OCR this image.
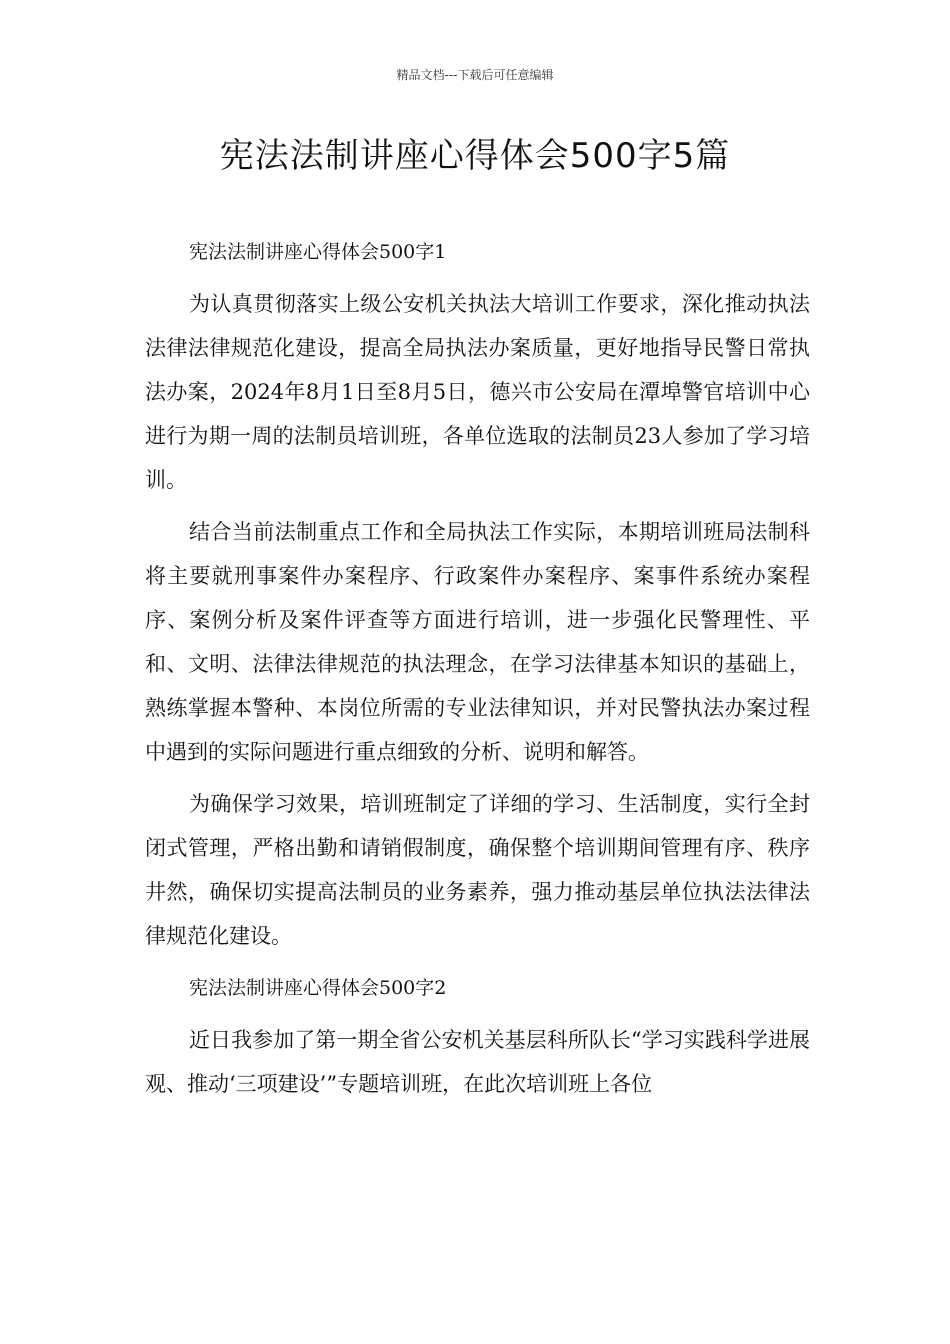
精品文档---下载后可任意编辑
宪法法制讲座心得体会500字5篇

宪法法制讲座心得体会500字1

为认真贯彻落实上级公安机关执法大培训工作要求，深化推动执法法律法律规范化建设，提高全局执法办案质量，更好地指导民警日常执法办案，2024年8月1日至8月5日，德兴市公安局在潭埠警官培训中心进行为期一周的法制员培训班，各单位选取的法制员23人参加了学习培训。

结合当前法制重点工作和全局执法工作实际，本期培训班局法制科将主要就刑事案件办案程序、行政案件办案程序、案事件系统办案程序、案例分析及案件评查等方面进行培训，进一步强化民警理性、平和、文明、法律法律规范的执法理念，在学习法律基本知识的基础上，熟练掌握本警种、本岗位所需的专业法律知识，并对民警执法办案过程中遇到的实际问题进行重点细致的分析、说明和解答。

为确保学习效果，培训班制定了详细的学习、生活制度，实行全封闭式管理，严格出勤和请销假制度，确保整个培训期间管理有序、秩序井然，确保切实提高法制员的业务素养，强力推动基层单位执法法律法律规范化建设。

宪法法制讲座心得体会500字2

近日我参加了第一期全省公安机关基层科所队长“学习实践科学进展观、推动‘三项建设’”专题培训班，在此次培训班上各位
